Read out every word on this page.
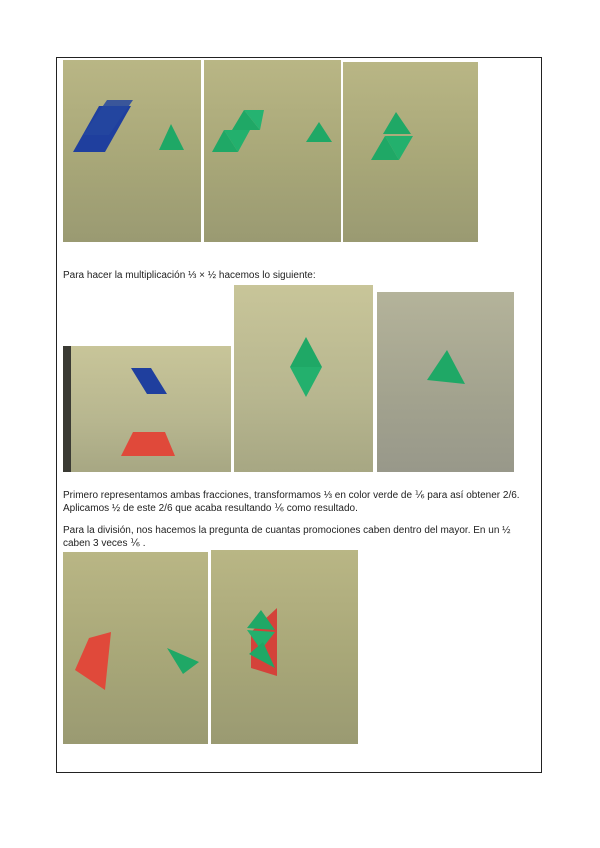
Para hacer la multiplicación ⅓ × ½ hacemos lo siguiente:

Primero representamos ambas fracciones, transformamos ⅓ en color verde de ⅙ para así obtener 2/6. Aplicamos ½ de este 2/6 que acaba resultando ⅙ como resultado.

Para la división, nos hacemos la pregunta de cuantas promociones caben dentro del mayor. En un ½ caben 3 veces ⅙ .
